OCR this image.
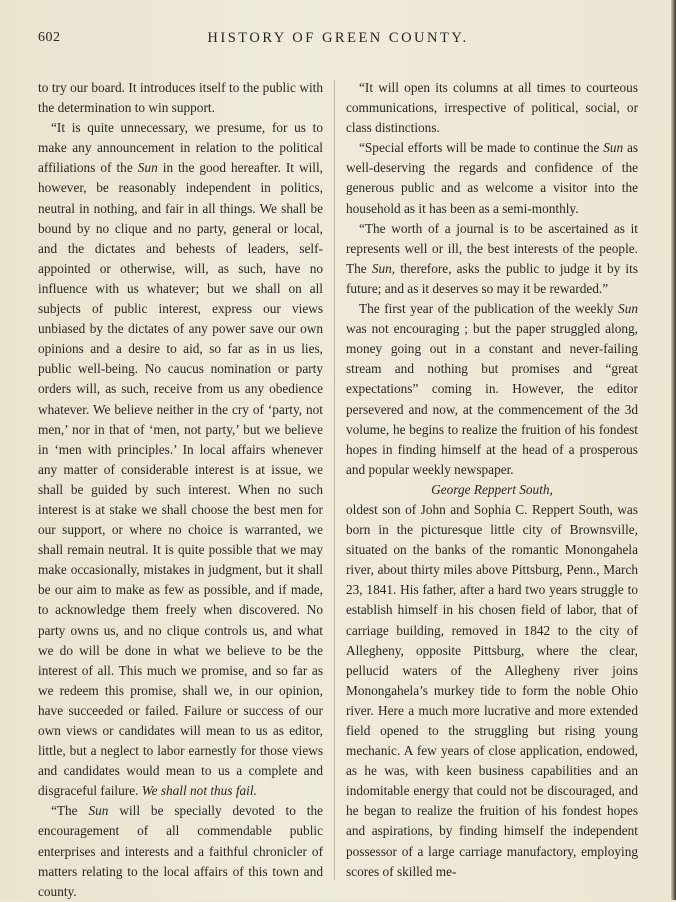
602	HISTORY OF GREEN COUNTY.

to try our board. It introduces itself to the public with the determination to win support.

“It is quite unnecessary, we presume, for us to make any announcement in relation to the political affiliations of the Sun in the good hereafter. It will, however, be reasonably independent in politics, neutral in nothing, and fair in all things. We shall be bound by no clique and no party, general or local, and the dictates and behests of leaders, self-appointed or otherwise, will, as such, have no influence with us whatever; but we shall on all subjects of public interest, express our views unbiased by the dictates of any power save our own opinions and a desire to aid, so far as in us lies, public well-being. No caucus nomination or party orders will, as such, receive from us any obedience whatever. We believe neither in the cry of ‘party, not men,’ nor in that of ‘men, not party,’ but we believe in ‘men with principles.’ In local affairs whenever any matter of considerable interest is at issue, we shall be guided by such interest. When no such interest is at stake we shall choose the best men for our support, or where no choice is warranted, we shall remain neutral. It is quite possible that we may make occasionally, mistakes in judgment, but it shall be our aim to make as few as possible, and if made, to acknowledge them freely when discovered. No party owns us, and no clique controls us, and what we do will be done in what we believe to be the interest of all. This much we promise, and so far as we redeem this promise, shall we, in our opinion, have succeeded or failed. Failure or success of our own views or candidates will mean to us as editor, little, but a neglect to labor earnestly for those views and candidates would mean to us a complete and disgraceful failure. We shall not thus fail.

“The Sun will be specially devoted to the encouragement of all commendable public enterprises and interests and a faithful chronicler of matters relating to the local affairs of this town and county.

“It will open its columns at all times to courteous communications, irrespective of political, social, or class distinctions.

“Special efforts will be made to continue the Sun as well-deserving the regards and confidence of the generous public and as welcome a visitor into the household as it has been as a semi-monthly.

“The worth of a journal is to be ascertained as it represents well or ill, the best interests of the people. The Sun, therefore, asks the public to judge it by its future; and as it deserves so may it be rewarded.”

The first year of the publication of the weekly Sun was not encouraging ; but the paper struggled along, money going out in a constant and never-failing stream and nothing but promises and “great expectations” coming in. However, the editor persevered and now, at the commencement of the 3d volume, he begins to realize the fruition of his fondest hopes in finding himself at the head of a prosperous and popular weekly newspaper.

George Reppert South,

oldest son of John and Sophia C. Reppert South, was born in the picturesque little city of Brownsville, situated on the banks of the romantic Monongahela river, about thirty miles above Pittsburg, Penn., March 23, 1841. His father, after a hard two years struggle to establish himself in his chosen field of labor, that of carriage building, removed in 1842 to the city of Allegheny, opposite Pittsburg, where the clear, pellucid waters of the Allegheny river joins Monongahela’s murkey tide to form the noble Ohio river. Here a much more lucrative and more extended field opened to the struggling but rising young mechanic. A few years of close application, endowed, as he was, with keen business capabilities and an indomitable energy that could not be discouraged, and he began to realize the fruition of his fondest hopes and aspirations, by finding himself the independent possessor of a large carriage manufactory, employing scores of skilled me-
